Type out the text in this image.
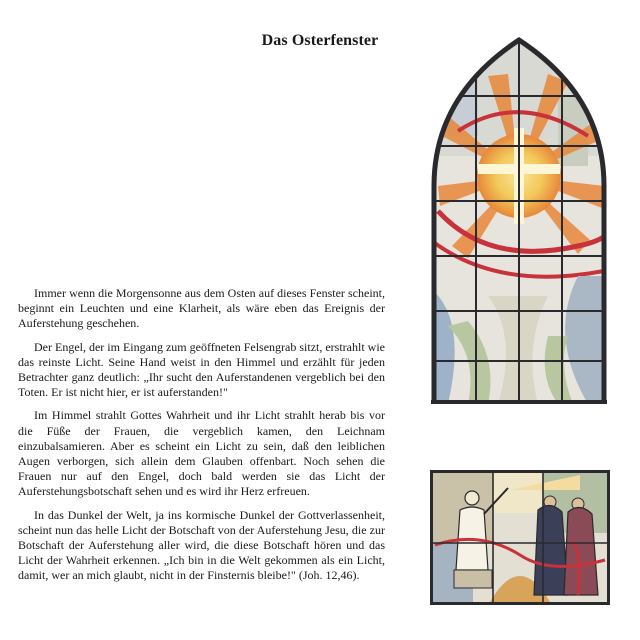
Das Osterfenster

Immer wenn die Morgensonne aus dem Osten auf dieses Fenster scheint, beginnt ein Leuchten und eine Klarheit, als wäre eben das Ereignis der Auferstehung geschehen.

Der Engel, der im Eingang zum geöffneten Felsengrab sitzt, erstrahlt wie das reinste Licht. Seine Hand weist in den Himmel und erzählt für jeden Betrachter ganz deutlich: „Ihr sucht den Auferstandenen vergeblich bei den Toten. Er ist nicht hier, er ist auferstanden!"

Im Himmel strahlt Gottes Wahrheit und ihr Licht strahlt herab bis vor die Füße der Frauen, die vergeblich kamen, den Leichnam einzubalsamieren. Aber es scheint ein Licht zu sein, daß den leiblichen Augen verborgen, sich allein dem Glauben offenbart. Noch sehen die Frauen nur auf den Engel, doch bald werden sie das Licht der Auferstehungsbotschaft sehen und es wird ihr Herz erfreuen.

In das Dunkel der Welt, ja ins kormische Dunkel der Gottverlassenheit, scheint nun das helle Licht der Botschaft von der Auferstehung Jesu, die zur Botschaft der Auferstehung aller wird, die diese Botschaft hören und das Licht der Wahrheit erkennen. „Ich bin in die Welt gekommen als ein Licht, damit, wer an mich glaubt, nicht in der Finsternis bleibe!" (Joh. 12,46).
